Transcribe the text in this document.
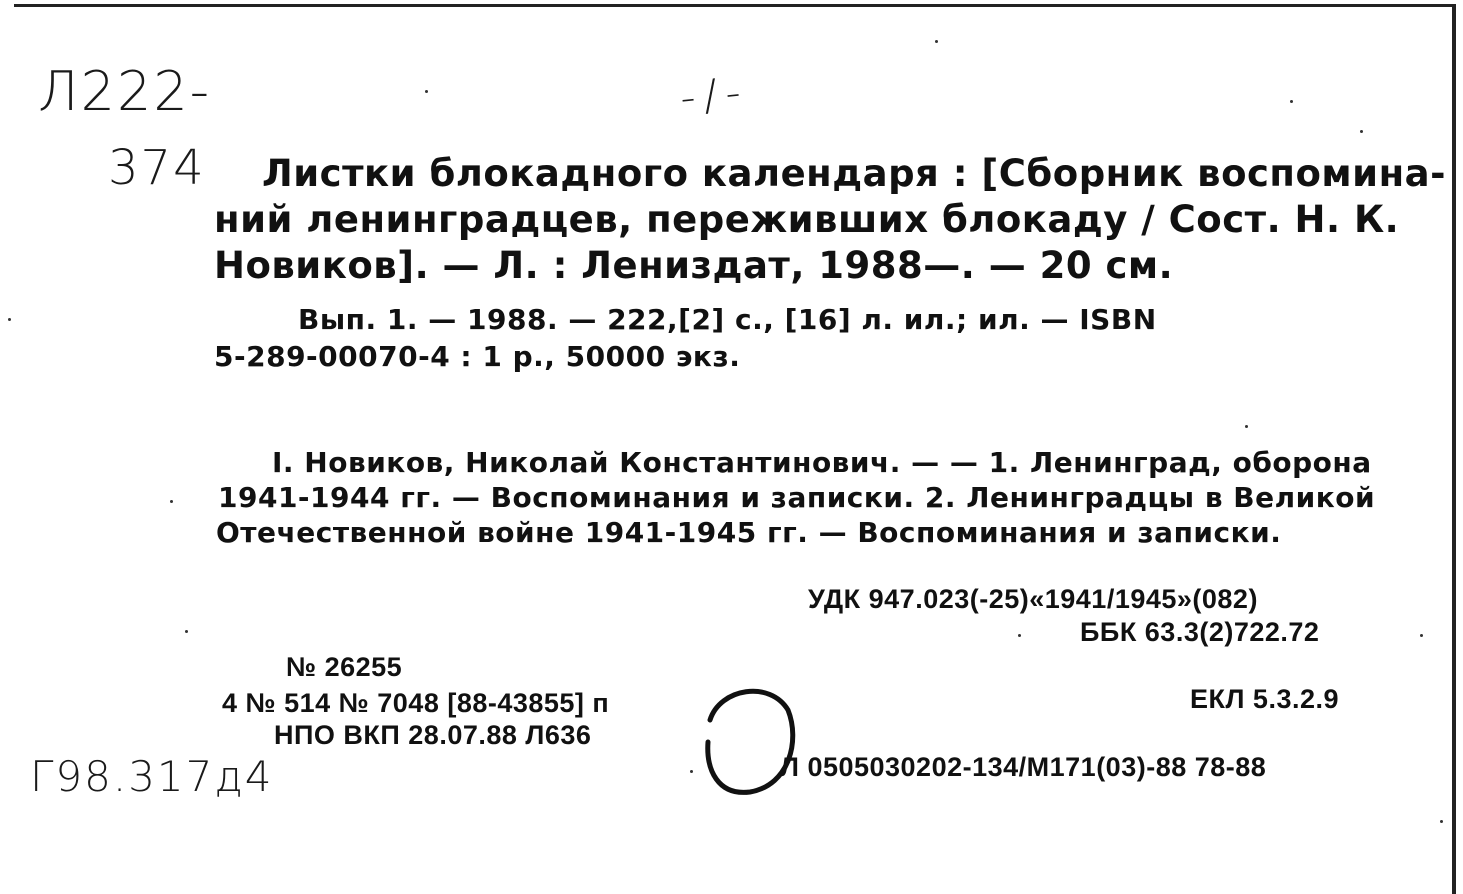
Л222-
374
-/-
Листки блокадного календаря : [Сборник воспомина-
ний ленинградцев, переживших блокаду / Сост. Н. К.
Новиков]. — Л. : Лениздат, 1988—. — 20 см.
Вып. 1. — 1988. — 222,[2] с., [16] л. ил.; ил. — ISBN
5-289-00070-4 : 1 р., 50000 экз.
I. Новиков, Николай Константинович. — — 1. Ленинград, оборона
1941-1944 гг. — Воспоминания и записки. 2. Ленинградцы в Великой
Отечественной войне 1941-1945 гг. — Воспоминания и записки.
УДК 947.023(-25)«1941/1945»(082)
ББК 63.3(2)722.72
ЕКЛ 5.3.2.9
Л 0505030202-134/М171(03)-88 78-88
№ 26255
4 № 514 № 7048 [88-43855] п
НПО ВКП 28.07.88 Л636
Г98.317д4
